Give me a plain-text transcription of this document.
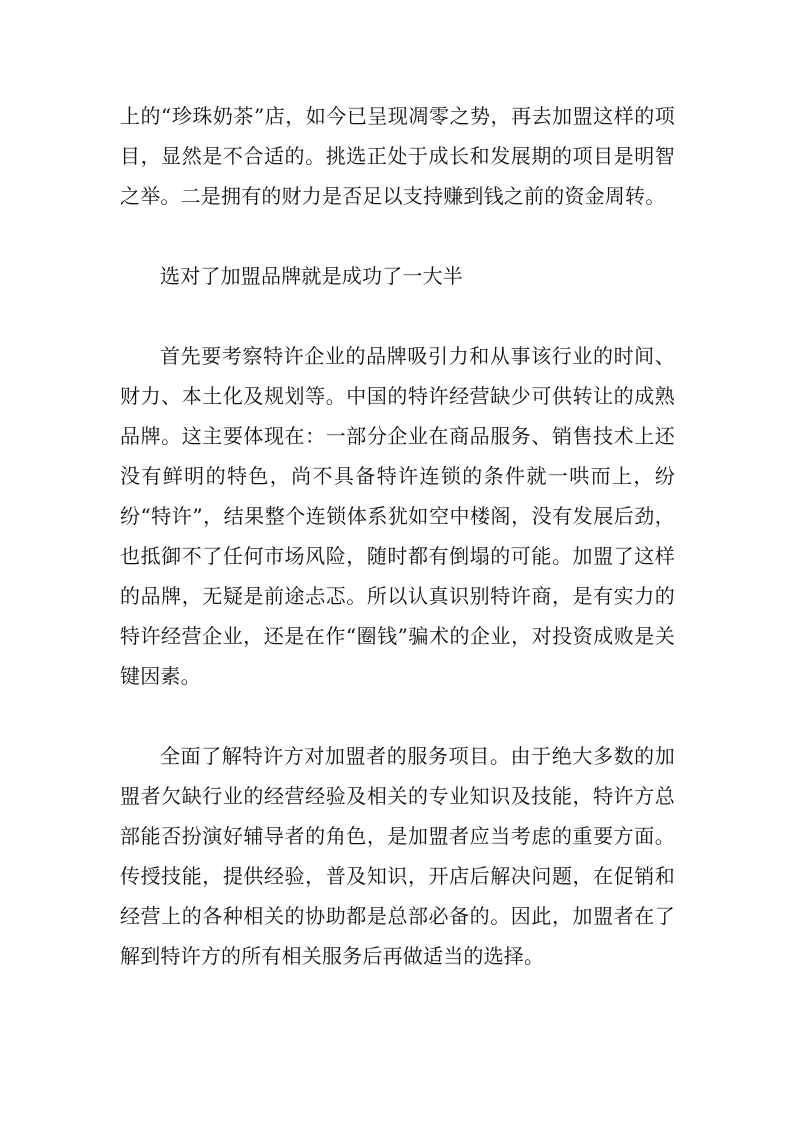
上的“珍珠奶茶”店，如今已呈现凋零之势，再去加盟这样的项目，显然是不合适的。挑选正处于成长和发展期的项目是明智之举。二是拥有的财力是否足以支持赚到钱之前的资金周转。

选对了加盟品牌就是成功了一大半

首先要考察特许企业的品牌吸引力和从事该行业的时间、财力、本土化及规划等。中国的特许经营缺少可供转让的成熟品牌。这主要体现在：一部分企业在商品服务、销售技术上还没有鲜明的特色，尚不具备特许连锁的条件就一哄而上，纷纷“特许”，结果整个连锁体系犹如空中楼阁，没有发展后劲，也抵御不了任何市场风险，随时都有倒塌的可能。加盟了这样的品牌，无疑是前途忐忑。所以认真识别特许商，是有实力的特许经营企业，还是在作“圈钱”骗术的企业，对投资成败是关键因素。

全面了解特许方对加盟者的服务项目。由于绝大多数的加盟者欠缺行业的经营经验及相关的专业知识及技能，特许方总部能否扮演好辅导者的角色，是加盟者应当考虑的重要方面。传授技能，提供经验，普及知识，开店后解决问题，在促销和经营上的各种相关的协助都是总部必备的。因此，加盟者在了解到特许方的所有相关服务后再做适当的选择。
